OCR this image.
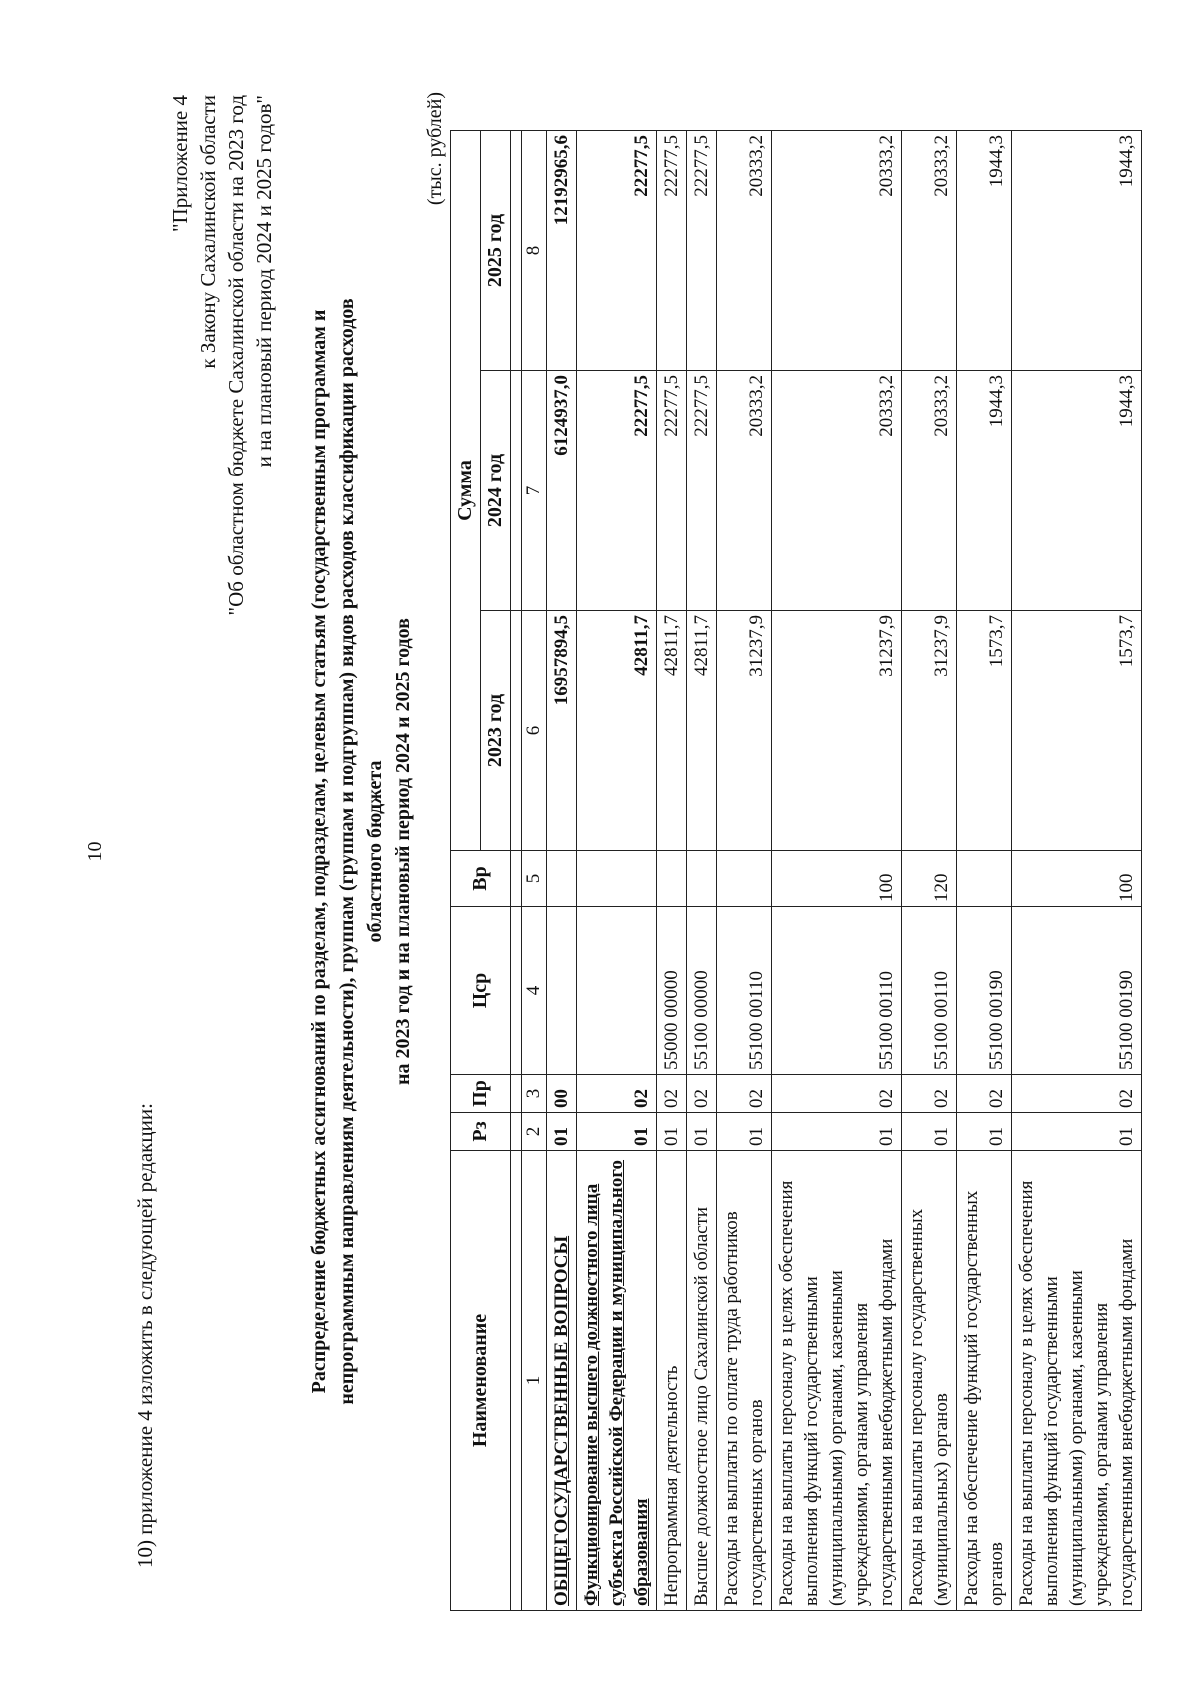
10
10) приложение 4 изложить в следующей редакции:
"Приложение 4 к Закону Сахалинской области "Об областном бюджете Сахалинской области на 2023 год и на плановый период 2024 и 2025 годов"
Распределение бюджетных ассигнований по разделам, подразделам, целевым статьям (государственным программам и непрограммным направлениям деятельности), группам (группам и подгруппам) видов расходов классификации расходов областного бюджета на 2023 год и на плановый период 2024 и 2025 годов
(тыс. рублей)
Наименование	Рз	Пр	Цср	Вр	Сумма		
					2023 год	2024 год	2025 год

1	2	3	4	5	6	7	8
ОБЩЕГОСУДАРСТВЕННЫЕ ВОПРОСЫ	01	00			16957894,5	6124937,0	12192965,6
Функционирование высшего должностного лица субъекта Российской Федерации и муниципального образования	01	02			42811,7	22277,5	22277,5
Непрограммная деятельность	01	02	55000 00000		42811,7	22277,5	22277,5
Высшее должностное лицо Сахалинской области	01	02	55100 00000		42811,7	22277,5	22277,5
Расходы на выплаты по оплате труда работников государственных органов	01	02	55100 00110		31237,9	20333,2	20333,2
Расходы на выплаты персоналу в целях обеспечения выполнения функций государственными (муниципальными) органами, казенными учреждениями, органами управления государственными внебюджетными фондами	01	02	55100 00110	100	31237,9	20333,2	20333,2
Расходы на выплаты персоналу государственных (муниципальных) органов	01	02	55100 00110	120	31237,9	20333,2	20333,2
Расходы на обеспечение функций государственных органов	01	02	55100 00190		1573,7	1944,3	1944,3
Расходы на выплаты персоналу в целях обеспечения выполнения функций государственными (муниципальными) органами, казенными учреждениями, органами управления государственными внебюджетными фондами	01	02	55100 00190	100	1573,7	1944,3	1944,3
